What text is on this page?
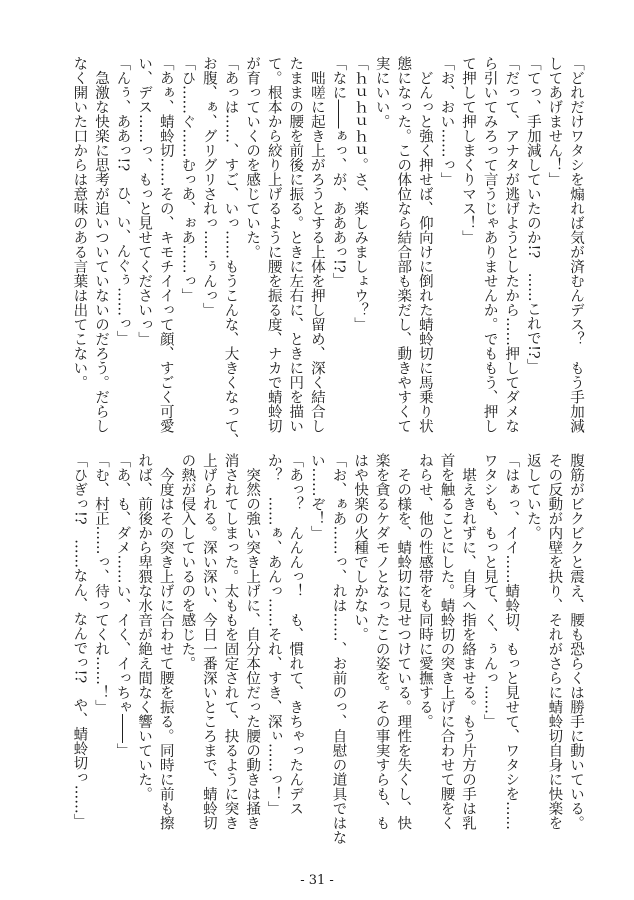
「どれだけワタシを煽れば気が済むんデス？　もう手加減
してあげません！」
「てっ、手加減していたのか!?　……これで!?」
「だって、アナタが逃げようとしたから……押してダメな
ら引いてみろって言うじゃありませんか。でももう、押し
て押して押しまくりマス！」
「お、おい……っ」
　どんっと強く押せば、仰向けに倒れた蜻蛉切に馬乗り状
態になった。この体位なら結合部も楽だし、動きやすくて
実にいい。
「ｈｕｈｕｈｕ。さ、楽しみましょウ？」
「なに――ぁっ、が、あああっ!?」
　咄嗟に起き上がろうとする上体を押し留め、深く結合し
たままの腰を前後に振る。ときに左右に、ときに円を描い
て。根本から絞り上げるように腰を振る度、ナカで蜻蛉切
が育っていくのを感じていた。
「あっは……、すご、いっ……もうこんな、大きくなって、
お腹、ぁ、グリグリされっ……ぅんっ」
「ひ……ぐ……むっあ、ぉあ……っ」
「あぁ、蜻蛉切……その、キモチイイって顔、すごく可愛
い、デス……っ、もっと見せてくださいっ」
「んぅ、ああっ!?　ひ、い、んぐぅ……っ」
　急激な快楽に思考が追いついていないのだろう。だらし
なく開いた口からは意味のある言葉は出てこない。
腹筋がビクビクと震え、腰も恐らくは勝手に動いている。
その反動が内壁を抉り、それがさらに蜻蛉切自身に快楽を
返していた。
「はぁっ、イイ……蜻蛉切、もっと見せて、ワタシを……
ワタシも、もっと見て、く、ぅんっ……」
　堪えきれずに、自身へ指を絡ませる。もう片方の手は乳
首を触ることにした。蜻蛉切の突き上げに合わせて腰をく
ねらせ、他の性感帯をも同時に愛撫する。
　その様を、蜻蛉切に見せつけている。理性を失くし、快
楽を貪るケダモノとなったこの姿を。その事実すらも、も
はや快楽の火種でしかない。
「お、ぁあ……っ、れは……、お前のっ、自慰の道具ではな
い……ぞ！」
「あっ？　んんんっ！　も、慣れて、きちゃったんデス
か？　……ぁ、あんっ……それ、すき、深ぃ……っ！」
　突然の強い突き上げに、自分本位だった腰の動きは掻き
消されてしまった。太ももを固定されて、抉るように突き
上げられる。深い深い、今日一番深いところまで、蜻蛉切
の熱が侵入しているのを感じた。
　今度はその突き上げに合わせて腰を振る。同時に前も擦
れば、前後から卑猥な水音が絶え間なく響いていた。
「あ、も、ダメ……い、イく、イっちゃ――」
「む、村正……っ、待ってくれ……！」
「ひぎっ!?　……なん、なんでっ!?　や、蜻蛉切っ……」
- 31 -
